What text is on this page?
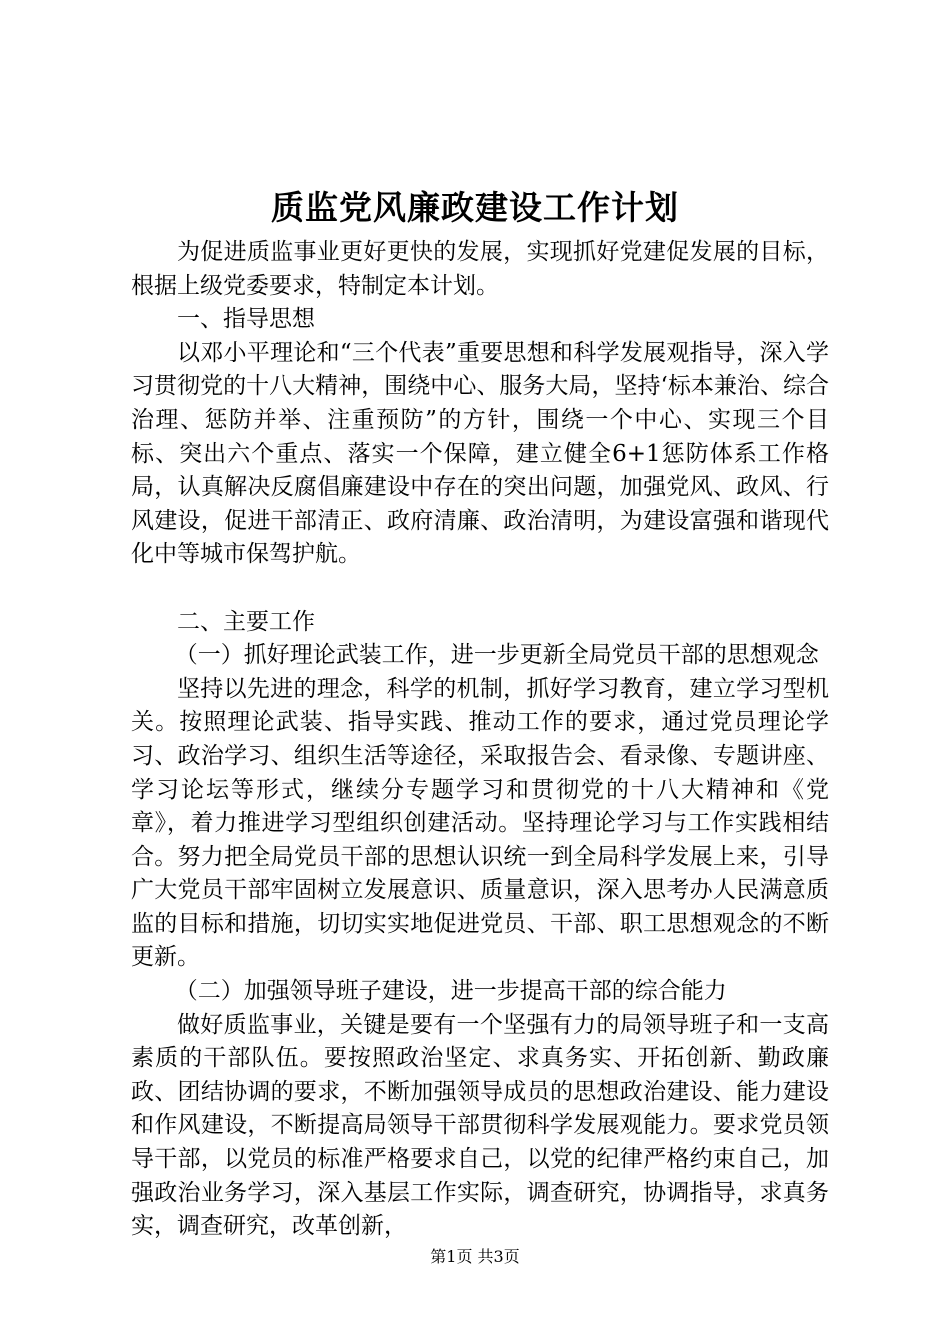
质监党风廉政建设工作计划

为促进质监事业更好更快的发展，实现抓好党建促发展的目标，根据上级党委要求，特制定本计划。

一、指导思想

以邓小平理论和“三个代表”重要思想和科学发展观指导，深入学习贯彻党的十八大精神，围绕中心、服务大局，坚持‘标本兼治、综合治理、惩防并举、注重预防”的方针，围绕一个中心、实现三个目标、突出六个重点、落实一个保障，建立健全6+1惩防体系工作格局，认真解决反腐倡廉建设中存在的突出问题，加强党风、政风、行风建设，促进干部清正、政府清廉、政治清明，为建设富强和谐现代化中等城市保驾护航。

二、主要工作

（一）抓好理论武装工作，进一步更新全局党员干部的思想观念

坚持以先进的理念，科学的机制，抓好学习教育，建立学习型机关。按照理论武装、指导实践、推动工作的要求，通过党员理论学习、政治学习、组织生活等途径，采取报告会、看录像、专题讲座、学习论坛等形式，继续分专题学习和贯彻党的十八大精神和《党章》，着力推进学习型组织创建活动。坚持理论学习与工作实践相结合。努力把全局党员干部的思想认识统一到全局科学发展上来，引导广大党员干部牢固树立发展意识、质量意识，深入思考办人民满意质监的目标和措施，切切实实地促进党员、干部、职工思想观念的不断更新。

（二）加强领导班子建设，进一步提高干部的综合能力

做好质监事业，关键是要有一个坚强有力的局领导班子和一支高素质的干部队伍。要按照政治坚定、求真务实、开拓创新、勤政廉政、团结协调的要求，不断加强领导成员的思想政治建设、能力建设和作风建设，不断提高局领导干部贯彻科学发展观能力。要求党员领导干部，以党员的标准严格要求自己，以党的纪律严格约束自己，加强政治业务学习，深入基层工作实际，调查研究，协调指导，求真务实，调查研究，改革创新，

第1页 共3页
